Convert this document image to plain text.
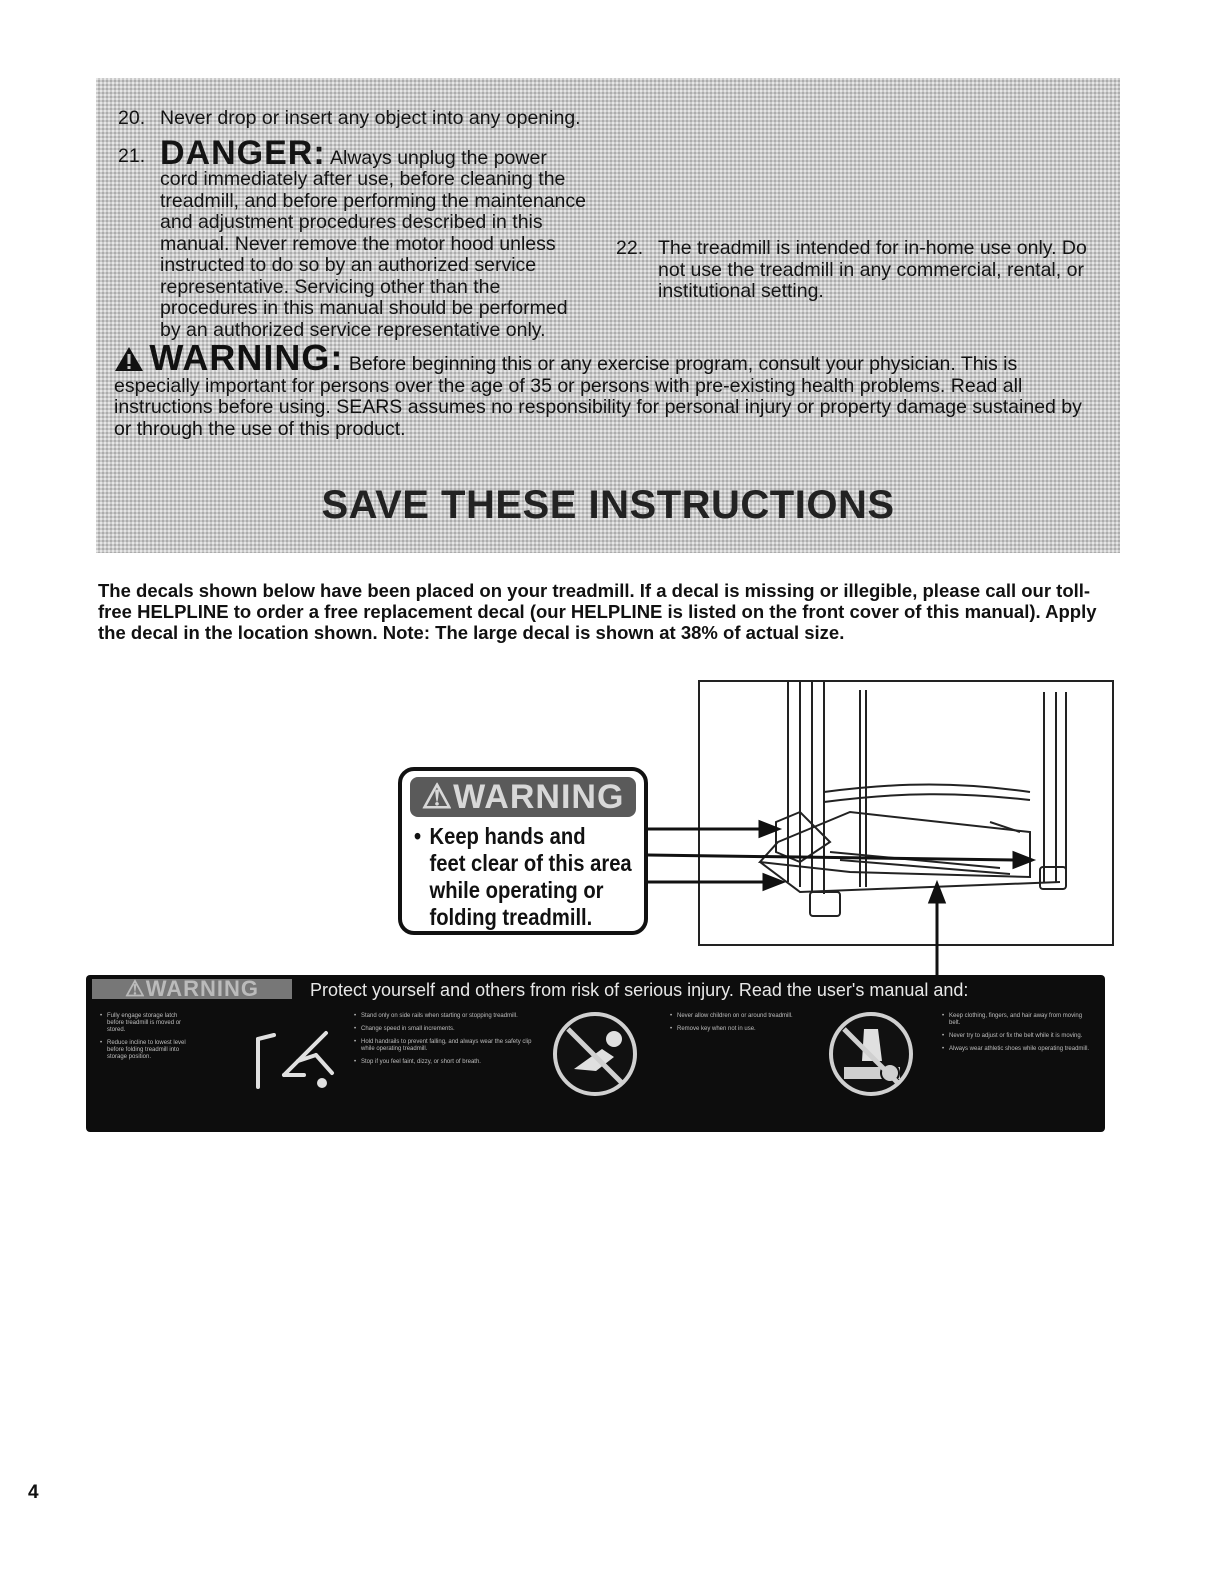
20. Never drop or insert any object into any opening.
21. DANGER: Always unplug the power cord immediately after use, before cleaning the treadmill, and before performing the maintenance and adjustment procedures described in this manual. Never remove the motor hood unless instructed to do so by an authorized service representative. Servicing other than the procedures in this manual should be performed by an authorized service representative only.
22. The treadmill is intended for in-home use only. Do not use the treadmill in any commercial, rental, or institutional setting.
WARNING: Before beginning this or any exercise program, consult your physician. This is especially important for persons over the age of 35 or persons with pre-existing health problems. Read all instructions before using. SEARS assumes no responsibility for personal injury or property damage sustained by or through the use of this product.
SAVE THESE INSTRUCTIONS
The decals shown below have been placed on your treadmill. If a decal is missing or illegible, please call our toll-free HELPLINE to order a free replacement decal (our HELPLINE is listed on the front cover of this manual). Apply the decal in the location shown. Note: The large decal is shown at 38% of actual size.
⚠WARNING
• Keep hands and
feet clear of this area
while operating or
folding treadmill.
⚠WARNING	Protect yourself and others from risk of serious injury. Read the user's manual and:
• Fully engage storage latch before treadmill is moved or stored.
• Reduce incline to lowest level before folding treadmill into storage position.
• Stand only on side rails when starting or stopping treadmill.
• Change speed in small increments.
• Hold handrails to prevent falling, and always wear the safety clip while operating treadmill.
• Stop if you feel faint, dizzy, or short of breath.
• Never allow children on or around treadmill.
• Remove key when not in use.
• Keep clothing, fingers, and hair away from moving belt.
• Never try to adjust or fix the belt while it is moving.
• Always wear athletic shoes while operating treadmill.
4
